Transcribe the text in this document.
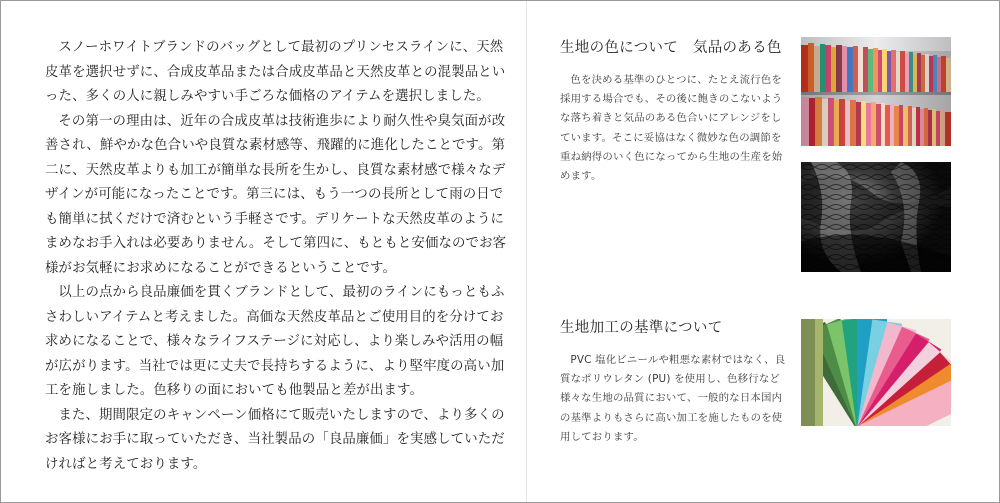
スノーホワイトブランドのバッグとして最初のプリンセスラインに、天然皮革を選択せずに、合成皮革品または合成皮革品と天然皮革との混製品といった、多くの人に親しみやすい手ごろな価格のアイテムを選択しました。

その第一の理由は、近年の合成皮革は技術進歩により耐久性や臭気面が改善され、鮮やかな色合いや良質な素材感等、飛躍的に進化したことです。第二に、天然皮革よりも加工が簡単な長所を生かし、良質な素材感で様々なデザインが可能になったことです。第三には、もう一つの長所として雨の日でも簡単に拭くだけで済むという手軽さです。デリケートな天然皮革のようにまめなお手入れは必要ありません。そして第四に、もともと安価なのでお客様がお気軽にお求めになることができるということです。

以上の点から良品廉価を貫くブランドとして、最初のラインにもっともふさわしいアイテムと考えました。高価な天然皮革品とご使用目的を分けてお求めになることで、様々なライフステージに対応し、より楽しみや活用の幅が広がります。当社では更に丈夫で長持ちするように、より堅牢度の高い加工を施しました。色移りの面においても他製品と差が出ます。

また、期間限定のキャンペーン価格にて販売いたしますので、より多くのお客様にお手に取っていただき、当社製品の「良品廉価」を実感していただければと考えております。

生地の色について　気品のある色

色を決める基準のひとつに、たとえ流行色を採用する場合でも、その後に飽きのこないような落ち着きと気品のある色合いにアレンジをしています。そこに妥協はなく微妙な色の調節を重ね納得のいく色になってから生地の生産を始めます。

生地加工の基準について

PVC 塩化ビニールや粗悪な素材ではなく、良質なポリウレタン (PU) を使用し、色移行など様々な生地の品質において、一般的な日本国内の基準よりもさらに高い加工を施したものを使用しております。
